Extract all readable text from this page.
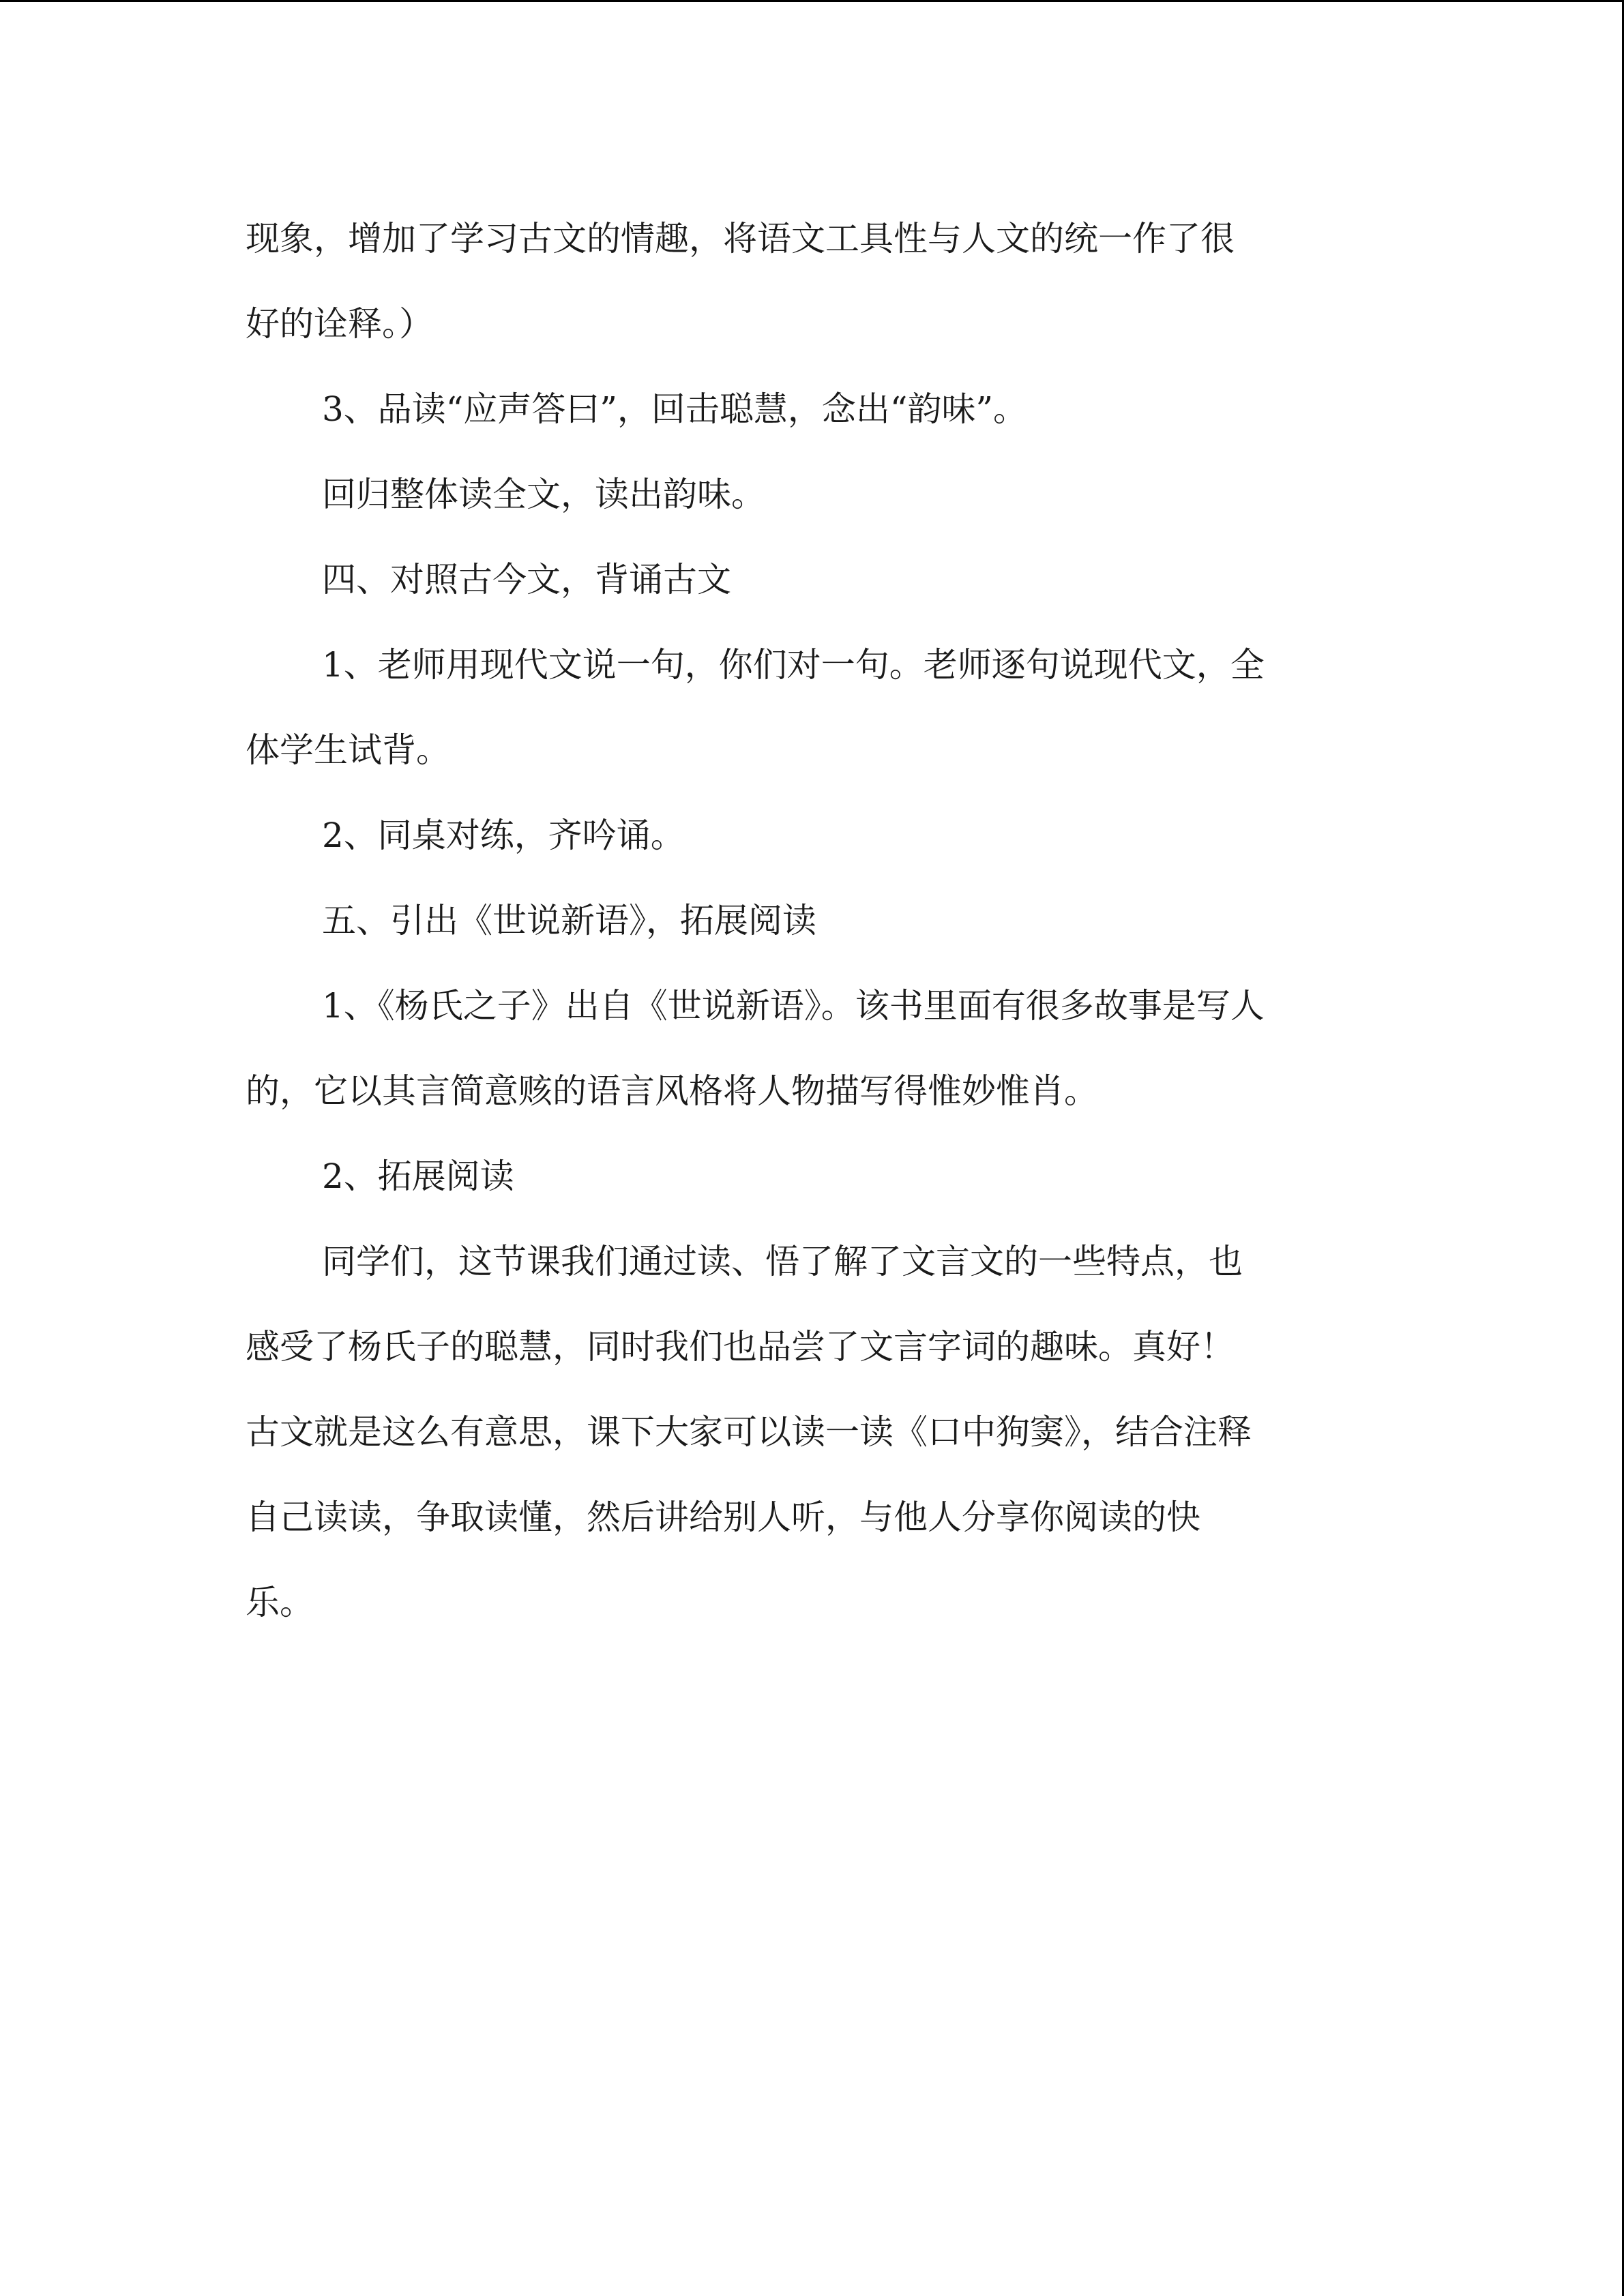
现象，增加了学习古文的情趣，将语文工具性与人文的统一作了很
好的诠释。）

3、品读“应声答曰”，回击聪慧，念出“韵味”。

回归整体读全文，读出韵味。

四、对照古今文，背诵古文

1、老师用现代文说一句，你们对一句。老师逐句说现代文，全
体学生试背。

2、同桌对练，齐吟诵。

五、引出《世说新语》，拓展阅读

1、《杨氏之子》出自《世说新语》。该书里面有很多故事是写人
的，它以其言简意赅的语言风格将人物描写得惟妙惟肖。

2、拓展阅读

同学们，这节课我们通过读、悟了解了文言文的一些特点，也
感受了杨氏子的聪慧，同时我们也品尝了文言字词的趣味。真好！
古文就是这么有意思，课下大家可以读一读《口中狗窦》，结合注释
自己读读，争取读懂，然后讲给别人听，与他人分享你阅读的快
乐。
